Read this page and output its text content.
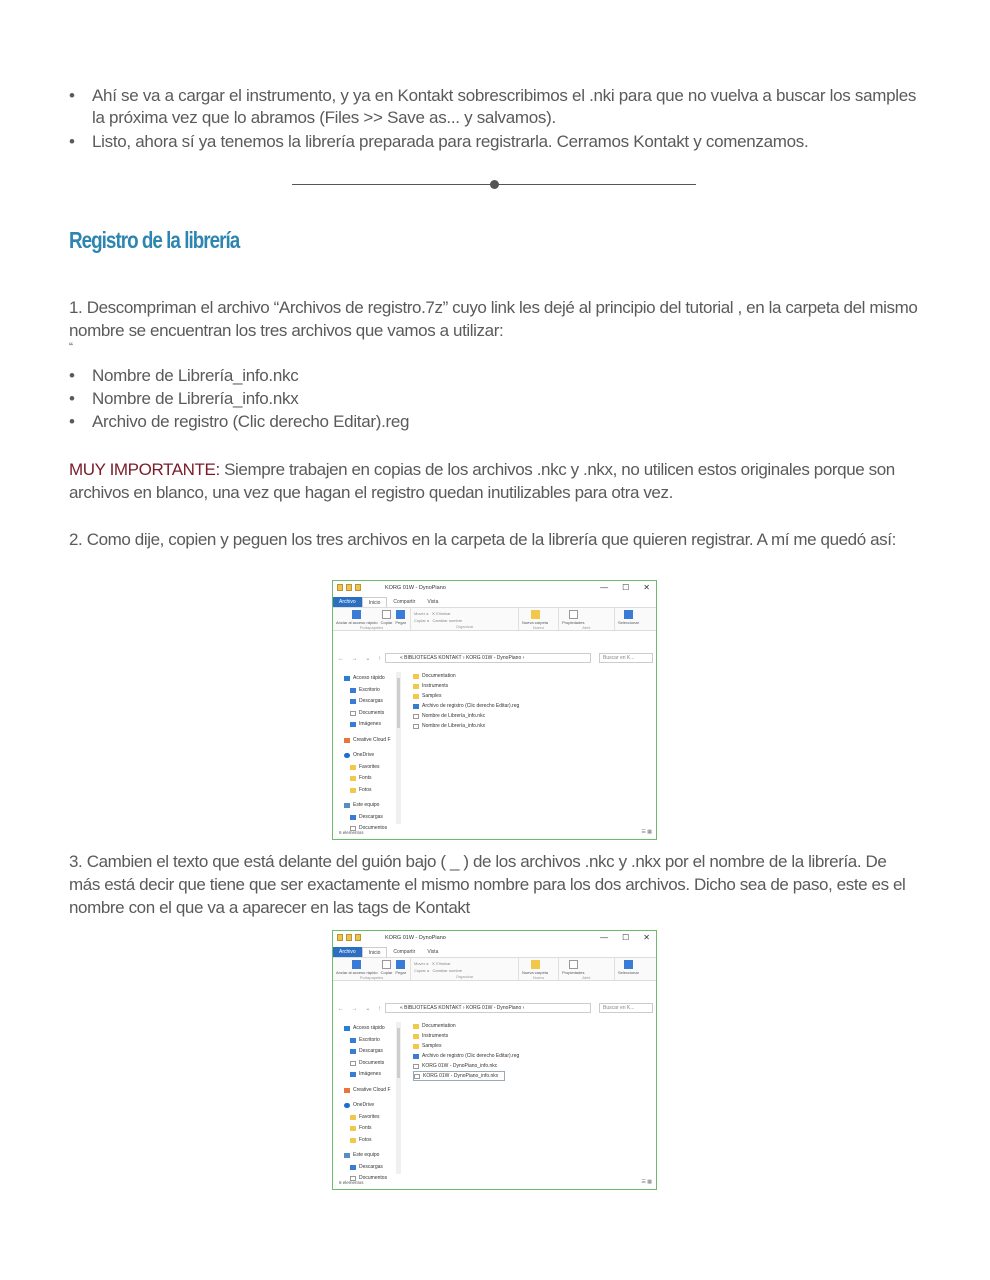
•	Ahí se va a cargar el instrumento, y ya en Kontakt sobrescribimos el .nki para que no vuelva a buscar los samples la próxima vez que lo abramos (Files >> Save as... y salvamos).
•	Listo, ahora sí ya tenemos la librería preparada para registrarla. Cerramos Kontakt y comenzamos.
Registro de la librería
1. Descompriman el archivo “Archivos de registro.7z” cuyo link les dejé al principio del tutorial , en la carpeta del mismo nombre se encuentran los tres archivos que vamos a utilizar:
“
•	Nombre de Librería_info.nkc
•	Nombre de Librería_info.nkx
•	Archivo de registro (Clic derecho Editar).reg
MUY IMPORTANTE: Siempre trabajen en copias de los archivos .nkc y .nkx, no utilicen estos originales porque son archivos en blanco, una vez que hagan el registro quedan inutilizables para otra vez.
2. Como dije, copien y peguen los tres archivos en la carpeta de la librería que quieren registrar. A mí me quedó así:
KORG 01W - DynoPiano	— ☐ ✕
Archivo	Inicio	Compartir	Vista
Anclar al acceso rápido Copiar Pegar
Portapapeles
Mover a   ✕ Eliminar
Copiar a Cambiar nombre
Organizar
Nueva carpeta
Nuevo
Propiedades
Abrir
Seleccionar
← → ⌄ ↑	« BIBLIOTECAS KONTAKT › KORG 01W - DynoPiano ›	Buscar en K...
Acceso rápido
Escritorio
Descargas
Documents
Imágenes
Creative Cloud F
OneDrive
Favorites
Fonts
Fotos
Este equipo
Descargas
Documentos
Documentation
Instruments
Samples
Archivo de registro (Clic derecho Editar).reg
Nombre de Librería_info.nkc
Nombre de Librería_info.nkx
6 elementos	☰ ▦
3. Cambien el texto que está delante del guión bajo ( _ ) de los archivos .nkc y .nkx por el nombre de la librería. De más está decir que tiene que ser exactamente el mismo nombre para los dos archivos. Dicho sea de paso, este es el nombre con el que va a aparecer en las tags de Kontakt
KORG 01W - DynoPiano	— ☐ ✕
Archivo	Inicio	Compartir	Vista
Anclar al acceso rápido Copiar Pegar
Portapapeles
Mover a   ✕ Eliminar
Copiar a Cambiar nombre
Organizar
Nueva carpeta
Nuevo
Propiedades
Abrir
Seleccionar
← → ⌄ ↑	« BIBLIOTECAS KONTAKT › KORG 01W - DynoPiano ›	Buscar en K...
Acceso rápido
Escritorio
Descargas
Documents
Imágenes
Creative Cloud F
OneDrive
Favorites
Fonts
Fotos
Este equipo
Descargas
Documentos
Documentation
Instruments
Samples
Archivo de registro (Clic derecho Editar).reg
KORG 01W - DynoPiano_info.nkc
KORG 01W - DynoPiano_info.nkx
6 elementos	☰ ▦
